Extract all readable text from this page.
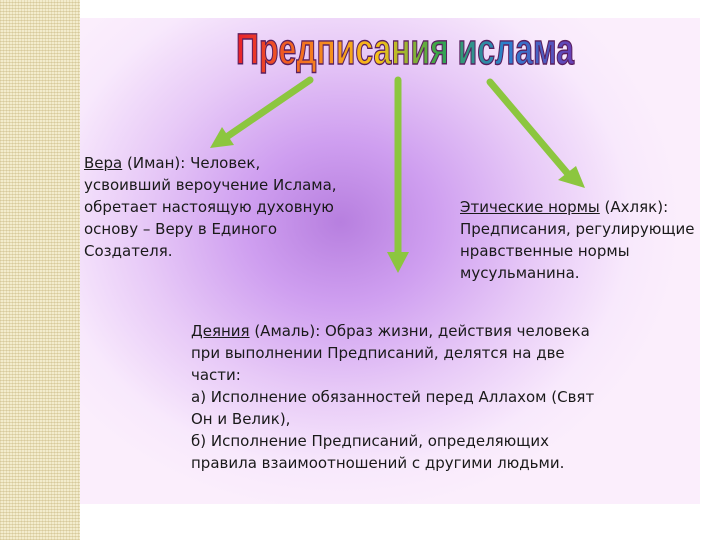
Предписания ислама
Вера (Иман): Человек, усвоивший вероучение Ислама, обретает настоящую духовную основу – Веру в Единого Создателя.
Этические нормы (Ахляк): Предписания, регулирующие нравственные нормы мусульманина.
Деяния (Амаль): Образ жизни, действия человека при выполнении Предписаний, делятся на две части:
а) Исполнение обязанностей перед Аллахом (Свят Он и Велик),
б) Исполнение Предписаний, определяющих правила взаимоотношений с другими людьми.
